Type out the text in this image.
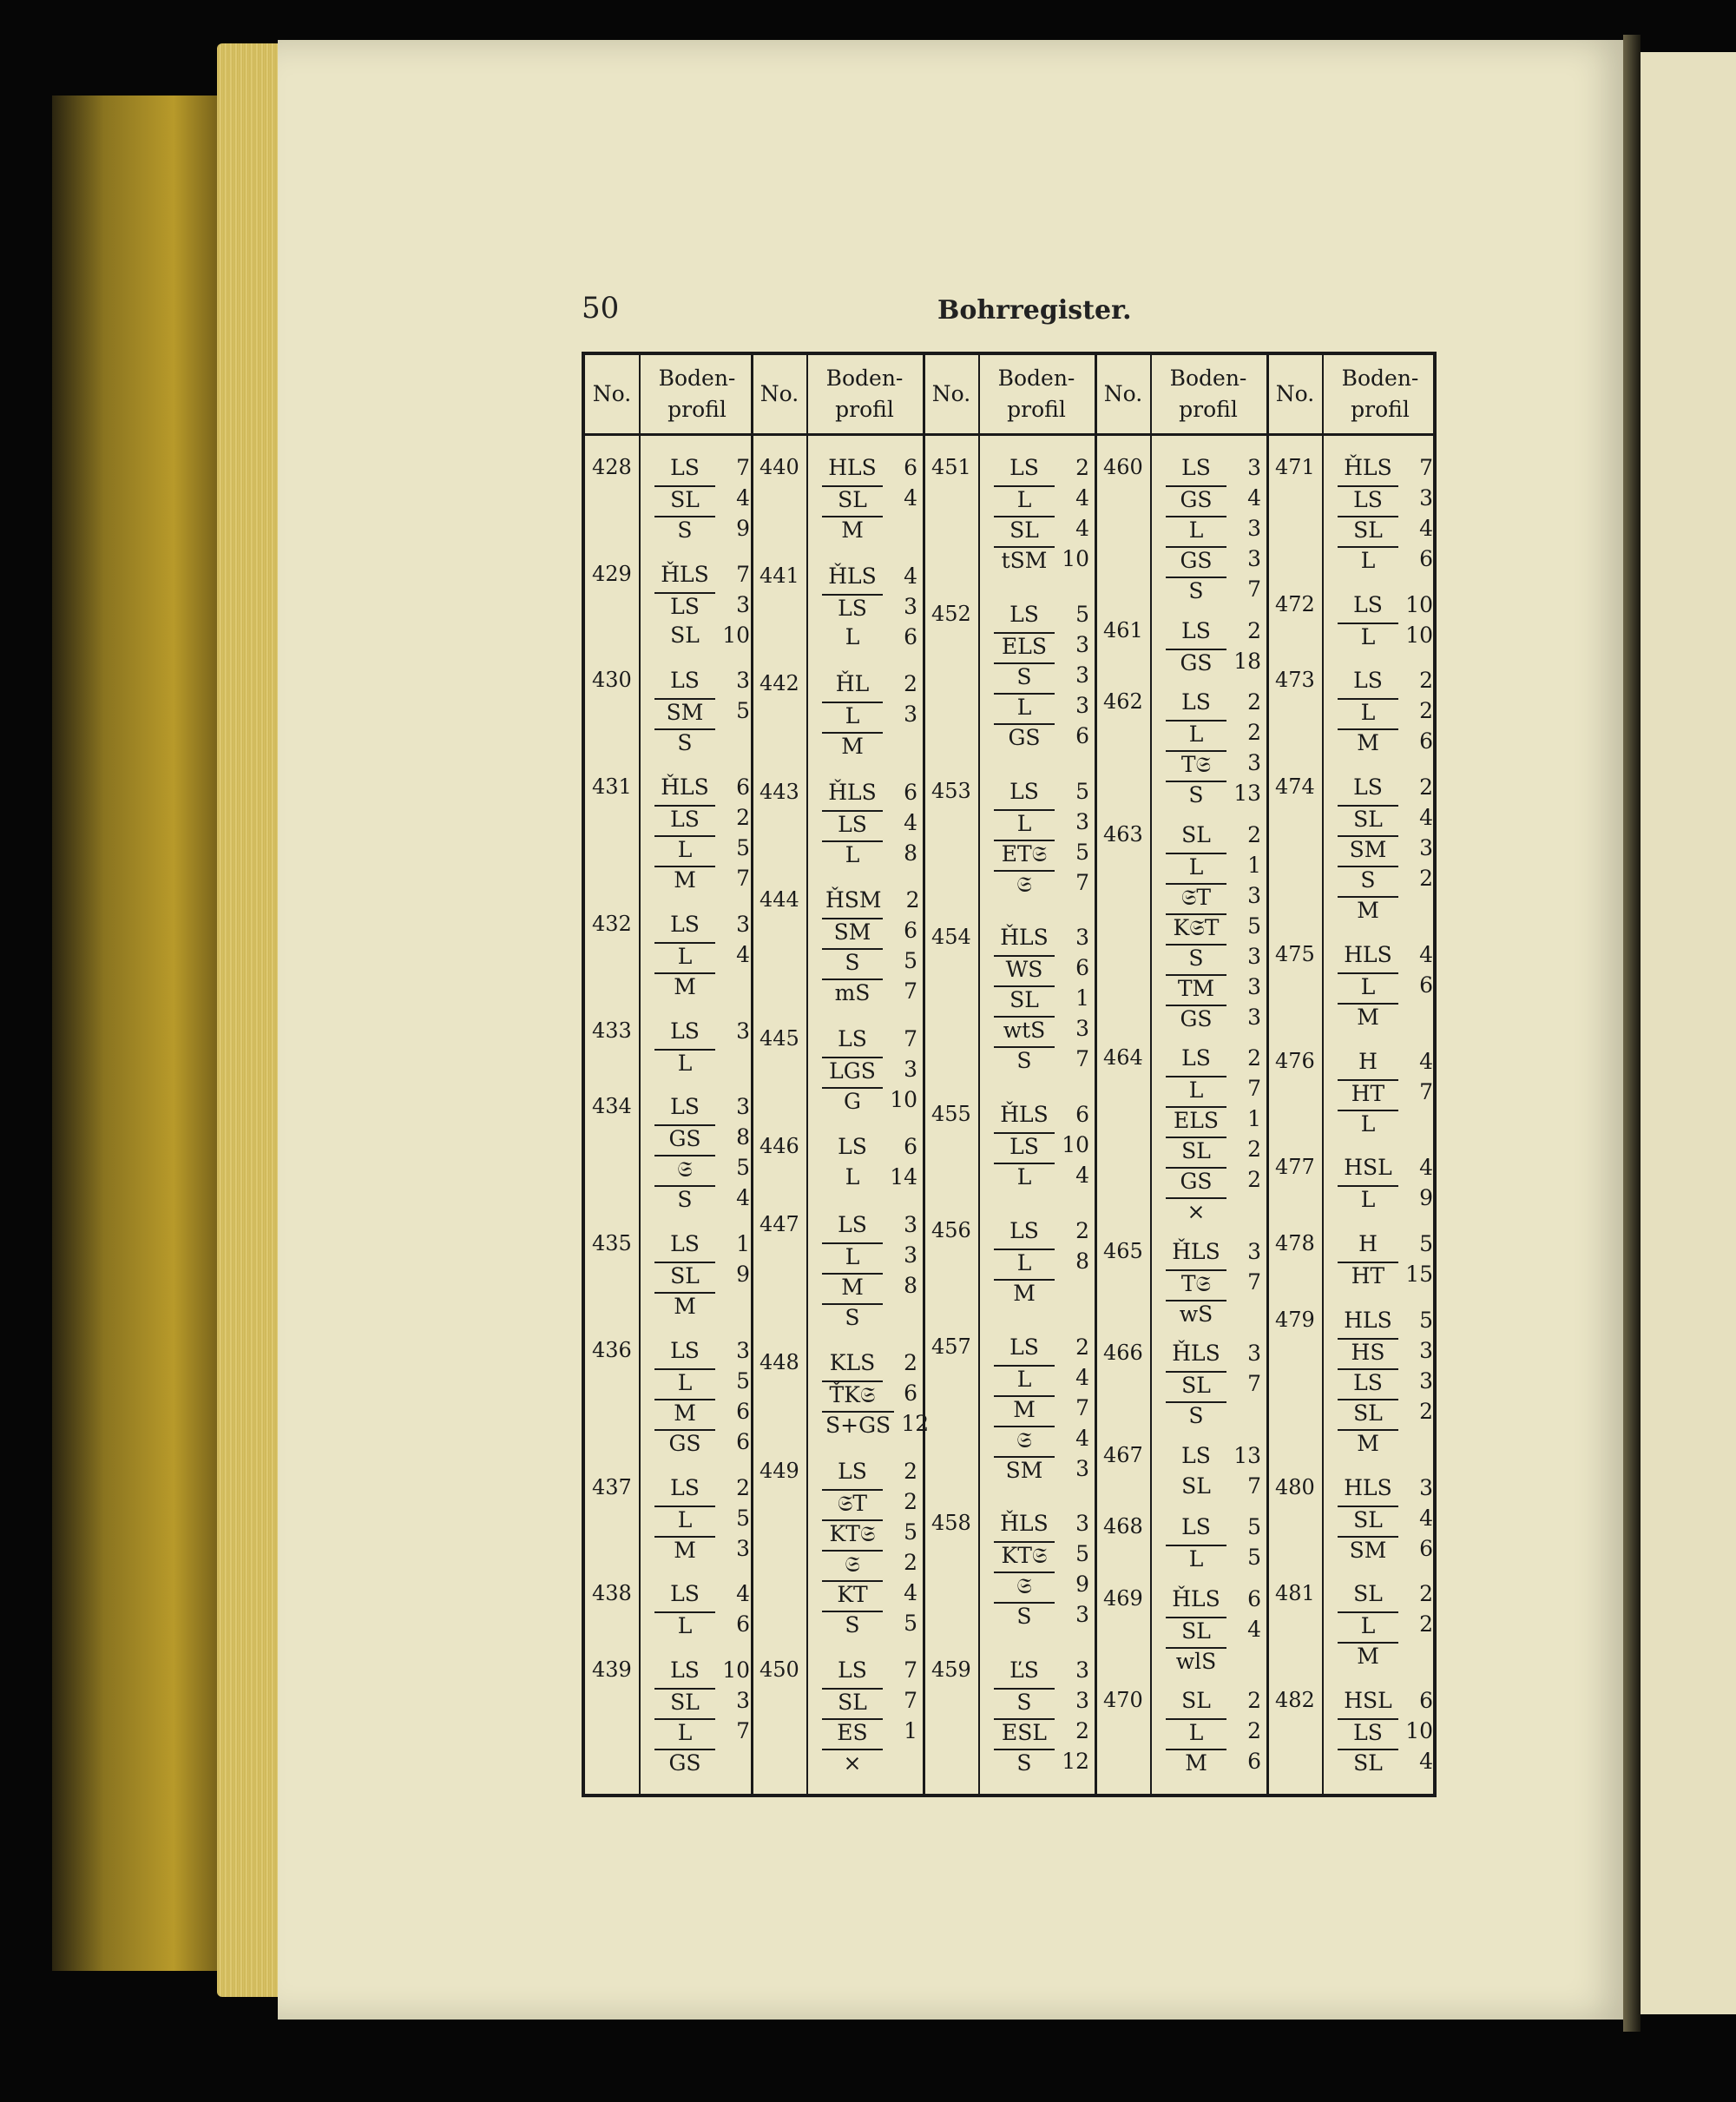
50	Bohrregister.
No.
Boden-
profil
No.
Boden-
profil
No.
Boden-
profil
No.
Boden-
profil
No.
Boden-
profil
428	LS	7
SL	4
S	9
429 ȞLS	7
LS	3
SL	10
430	LS	3
SM	5
S
431 ȞLS	6
LS	2
L	5
M	7
432	LS	3
L	4
M
433	LS	3
L
434	LS	3
GS	8
𝔖	5
S	4
435	LS	1
SL	9
M
436	LS	3
L	5
M	6
GS	6
437	LS	2
L	5
M	3
438	LS	4
L	6
439	LS	10
SL	3
L	7
GS
440 HLS	6
SL	4
M
441 ȞLS	4
LS	3
L	6
442	ȞL	2
L	3
M
443 ȞLS	6
LS	4
L	8
444 ȞSM	2
SM	6
S	5
mS	7
445	LS	7
LGS	3
G	10
446	LS	6
L	14
447	LS	3
L	3
M	8
S
448	KLS	2
ŤK𝔖	6
S+GS 12
449	LS	2
𝔖T	2
KT𝔖	5
𝔖	2
KT	4
S	5
450	LS	7
SL	7
ES	1
×
451	LS	2
L	4
SL	4
tSM 10
452	LS	5
ELS	3
S	3
L	3
GS	6
453	LS	5
L	3
ET𝔖	5
𝔖	7
454 ȞLS	3
WS	6
SL	1
wtS	3
S	7
455 ȞLS	6
LS	10
L	4
456	LS	2
L	8
M
457	LS	2
L	4
M	7
𝔖	4
SM	3
458 ȞLS	3
KT𝔖	5
𝔖	9
S	3
459	ĽS	3
S	3
ESL	2
S	12
460	LS	3
GS	4
L	3
GS	3
S	7
461	LS	2
GS 18
462	LS	2
L	2
T𝔖	3
S	13
463	SL	2
L	1
𝔖T	3
K𝔖T	5
S	3
TM	3
GS	3
464	LS	2
L	7
ELS	1
SL	2
GS	2
×
465 ȞLS	3
T𝔖	7
wS
466 ȞLS	3
SL	7
S
467	LS	13
SL	7
468	LS	5
L	5
469 ȞLS	6
SL	4
wlS
470	SL	2
L	2
M	6
471 ȞLS	7
LS	3
SL	4
L	6
472	LS	10
L	10
473	LS	2
L	2
M	6
474	LS	2
SL	4
SM	3
S	2
M
475 HLS	4
L	6
M
476	H	4
HT	7
L
477 HSL	4
L	9
478	H	5
HT 15
479 HLS	5
HS	3
LS	3
SL	2
M
480 HLS	3
SL	4
SM	6
481	SL	2
L	2
M
482 HSL	6
LS	10
SL	4
